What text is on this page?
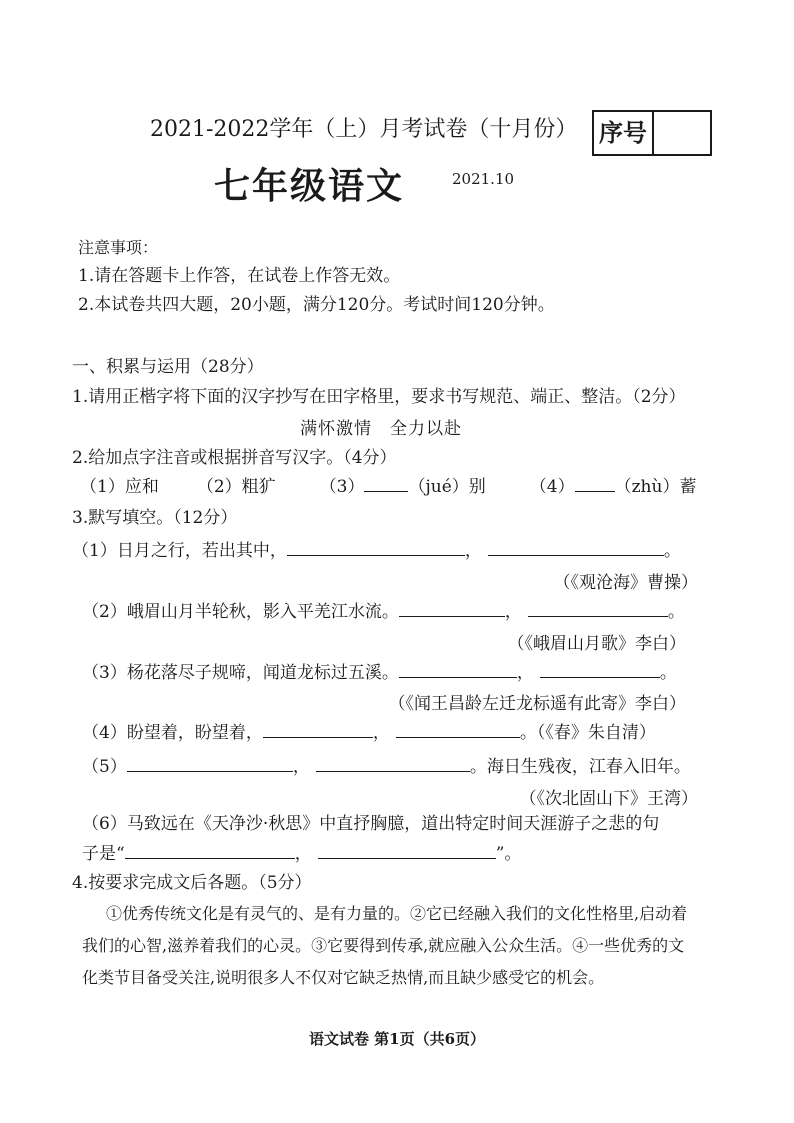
2021-2022学年（上）月考试卷（十月份）
七年级语文	2021.10
序号
注意事项：
1.请在答题卡上作答，在试卷上作答无效。
2.本试卷共四大题，20小题，满分120分。考试时间120分钟。
一、积累与运用（28分）
1.请用正楷字将下面的汉字抄写在田字格里，要求书写规范、端正、整洁。（2分）
满怀激情　全力以赴
2.给加点字注音或根据拼音写汉字。（4分）
（1）应和 （2）粗犷	（3）	（jué）别	（4） （zhù）蓄
3.默写填空。（12分）
（1）日月之行，若出其中，	，	。
（《观沧海》曹操）
（2）峨眉山月半轮秋，影入平羌江水流。	，	。
（《峨眉山月歌》李白）
（3）杨花落尽子规啼，闻道龙标过五溪。	，	。
（《闻王昌龄左迁龙标遥有此寄》李白）
（4）盼望着，盼望着，	，	。（《春》朱自清）
（5）	，	。海日生残夜，江春入旧年。
（《次北固山下》王湾）
（6）马致远在《天净沙·秋思》中直抒胸臆，道出特定时间天涯游子之悲的句
子是“	，	”。
4.按要求完成文后各题。（5分）
①优秀传统文化是有灵气的、是有力量的。②它已经融入我们的文化性格里,启动着我们的心智,滋养着我们的心灵。③它要得到传承,就应融入公众生活。④一些优秀的文化类节目备受关注,说明很多人不仅对它缺乏热情,而且缺少感受它的机会。
语文试卷 第1页（共6页）
